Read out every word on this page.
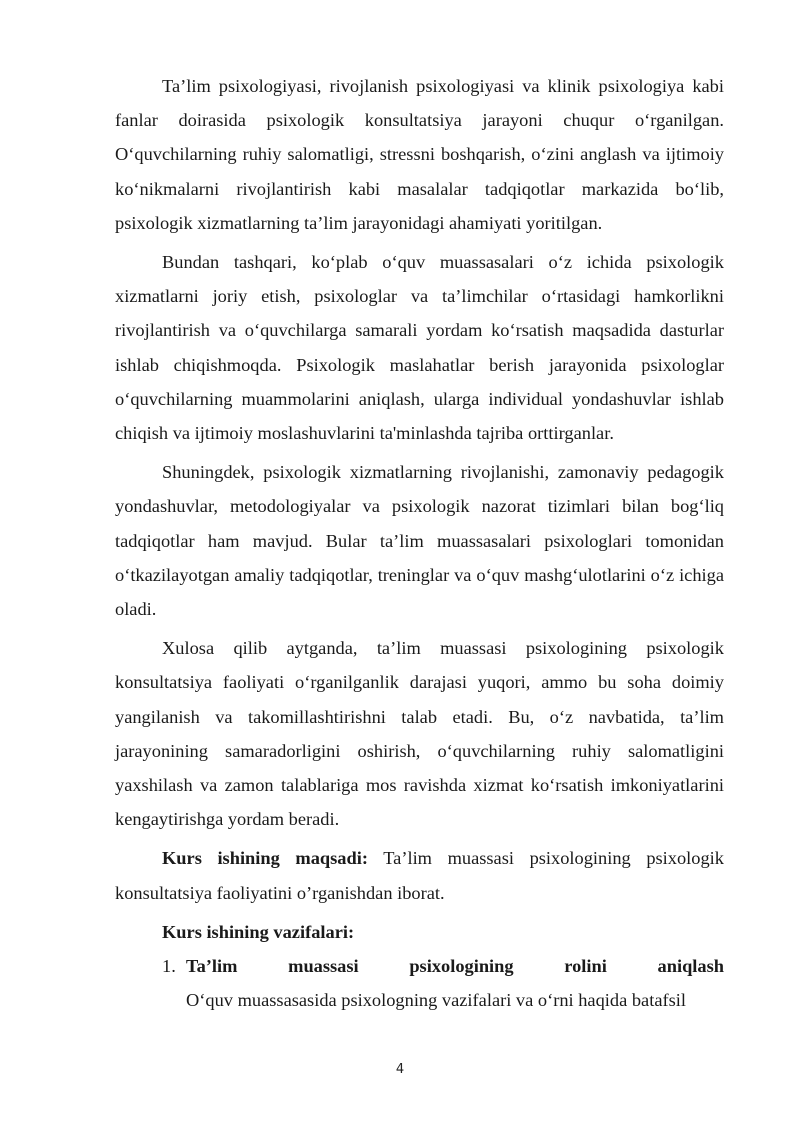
Ta’lim psixologiyasi, rivojlanish psixologiyasi va klinik psixologiya kabi fanlar doirasida psixologik konsultatsiya jarayoni chuqur o‘rganilgan. O‘quvchilarning ruhiy salomatligi, stressni boshqarish, o‘zini anglash va ijtimoiy ko‘nikmalarni rivojlantirish kabi masalalar tadqiqotlar markazida bo‘lib, psixologik xizmatlarning ta’lim jarayonidagi ahamiyati yoritilgan.

Bundan tashqari, ko‘plab o‘quv muassasalari o‘z ichida psixologik xizmatlarni joriy etish, psixologlar va ta’limchilar o‘rtasidagi hamkorlikni rivojlantirish va o‘quvchilarga samarali yordam ko‘rsatish maqsadida dasturlar ishlab chiqishmoqda. Psixologik maslahatlar berish jarayonida psixologlar o‘quvchilarning muammolarini aniqlash, ularga individual yondashuvlar ishlab chiqish va ijtimoiy moslashuvlarini ta'minlashda tajriba orttirganlar.

Shuningdek, psixologik xizmatlarning rivojlanishi, zamonaviy pedagogik yondashuvlar, metodologiyalar va psixologik nazorat tizimlari bilan bog‘liq tadqiqotlar ham mavjud. Bular ta’lim muassasalari psixologlari tomonidan o‘tkazilayotgan amaliy tadqiqotlar, treninglar va o‘quv mashg‘ulotlarini o‘z ichiga oladi.

Xulosa qilib aytganda, ta’lim muassasi psixologining psixologik konsultatsiya faoliyati o‘rganilganlik darajasi yuqori, ammo bu soha doimiy yangilanish va takomillashtirishni talab etadi. Bu, o‘z navbatida, ta’lim jarayonining samaradorligini oshirish, o‘quvchilarning ruhiy salomatligini yaxshilash va zamon talablariga mos ravishda xizmat ko‘rsatish imkoniyatlarini kengaytirishga yordam beradi.

Kurs ishining maqsadi: Ta’lim muassasi psixologining psixologik konsultatsiya faoliyatini o’rganishdan iborat.

Kurs ishining vazifalari:

1. Ta’lim muassasi psixologining rolini aniqlash
O‘quv muassasasida psixologning vazifalari va o‘rni haqida batafsil
4
